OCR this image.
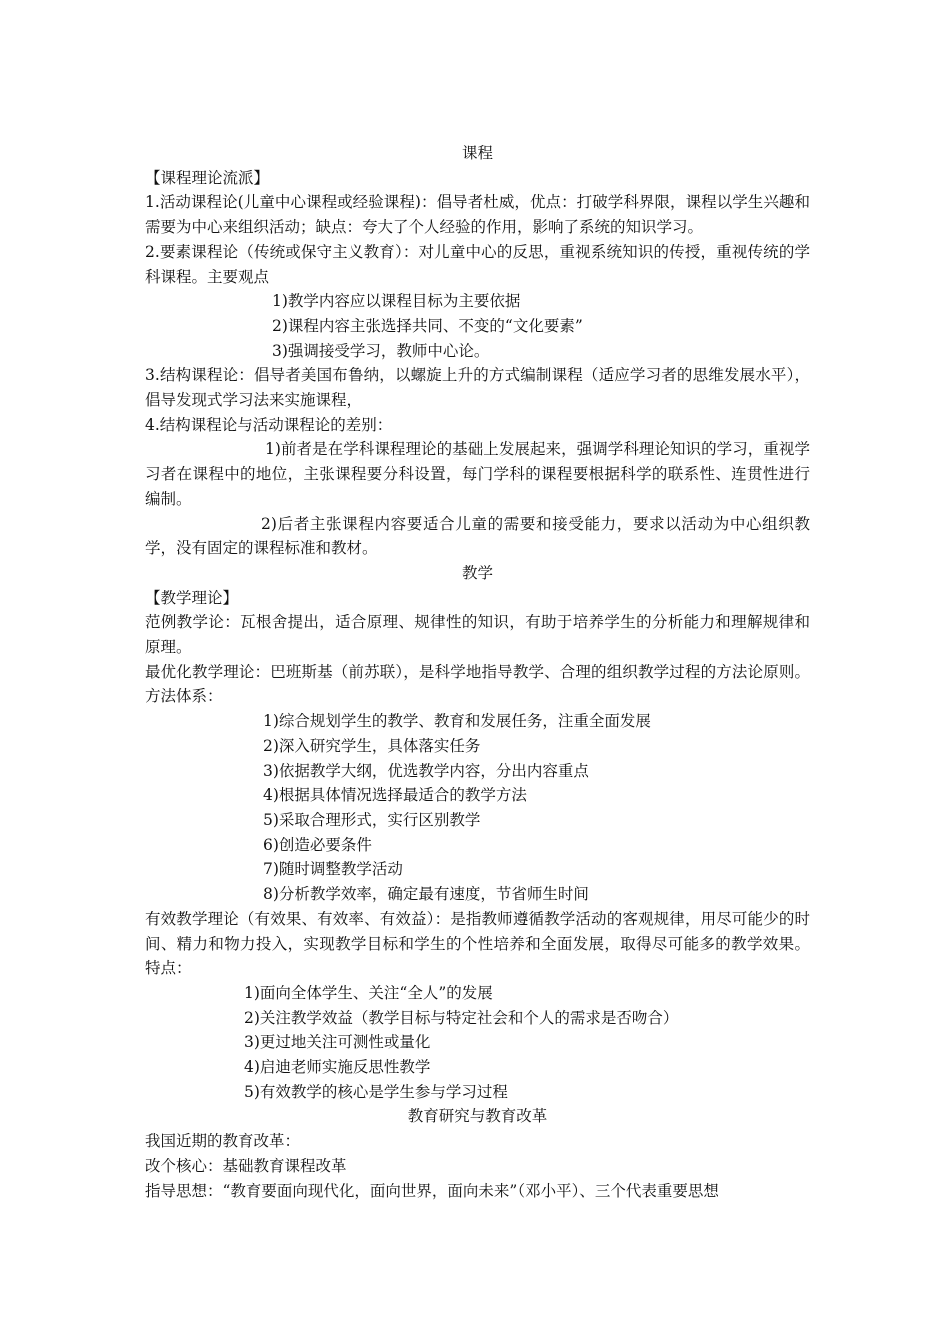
课程
【课程理论流派】
1.活动课程论(儿童中心课程或经验课程)：倡导者杜威，优点：打破学科界限，课程以学生兴趣和需要为中心来组织活动；缺点：夸大了个人经验的作用，影响了系统的知识学习。
2.要素课程论（传统或保守主义教育）：对儿童中心的反思，重视系统知识的传授，重视传统的学科课程。主要观点
1)教学内容应以课程目标为主要依据
2)课程内容主张选择共同、不变的“文化要素”
3)强调接受学习，教师中心论。
3.结构课程论：倡导者美国布鲁纳，以螺旋上升的方式编制课程（适应学习者的思维发展水平），倡导发现式学习法来实施课程，
4.结构课程论与活动课程论的差别：
1)前者是在学科课程理论的基础上发展起来，强调学科理论知识的学习，重视学习者在课程中的地位，主张课程要分科设置，每门学科的课程要根据科学的联系性、连贯性进行编制。
2)后者主张课程内容要适合儿童的需要和接受能力，要求以活动为中心组织教学，没有固定的课程标准和教材。
教学
【教学理论】
范例教学论：瓦根舍提出，适合原理、规律性的知识，有助于培养学生的分析能力和理解规律和原理。
最优化教学理论：巴班斯基（前苏联），是科学地指导教学、合理的组织教学过程的方法论原则。方法体系：
1)综合规划学生的教学、教育和发展任务，注重全面发展
2)深入研究学生，具体落实任务
3)依据教学大纲，优选教学内容，分出内容重点
4)根据具体情况选择最适合的教学方法
5)采取合理形式，实行区别教学
6)创造必要条件
7)随时调整教学活动
8)分析教学效率，确定最有速度，节省师生时间
有效教学理论（有效果、有效率、有效益）：是指教师遵循教学活动的客观规律，用尽可能少的时间、精力和物力投入，实现教学目标和学生的个性培养和全面发展，取得尽可能多的教学效果。特点：
1)面向全体学生、关注“全人”的发展
2)关注教学效益（教学目标与特定社会和个人的需求是否吻合）
3)更过地关注可测性或量化
4)启迪老师实施反思性教学
5)有效教学的核心是学生参与学习过程
教育研究与教育改革
我国近期的教育改革：
改个核心：基础教育课程改革
指导思想：“教育要面向现代化，面向世界，面向未来”（邓小平）、三个代表重要思想
